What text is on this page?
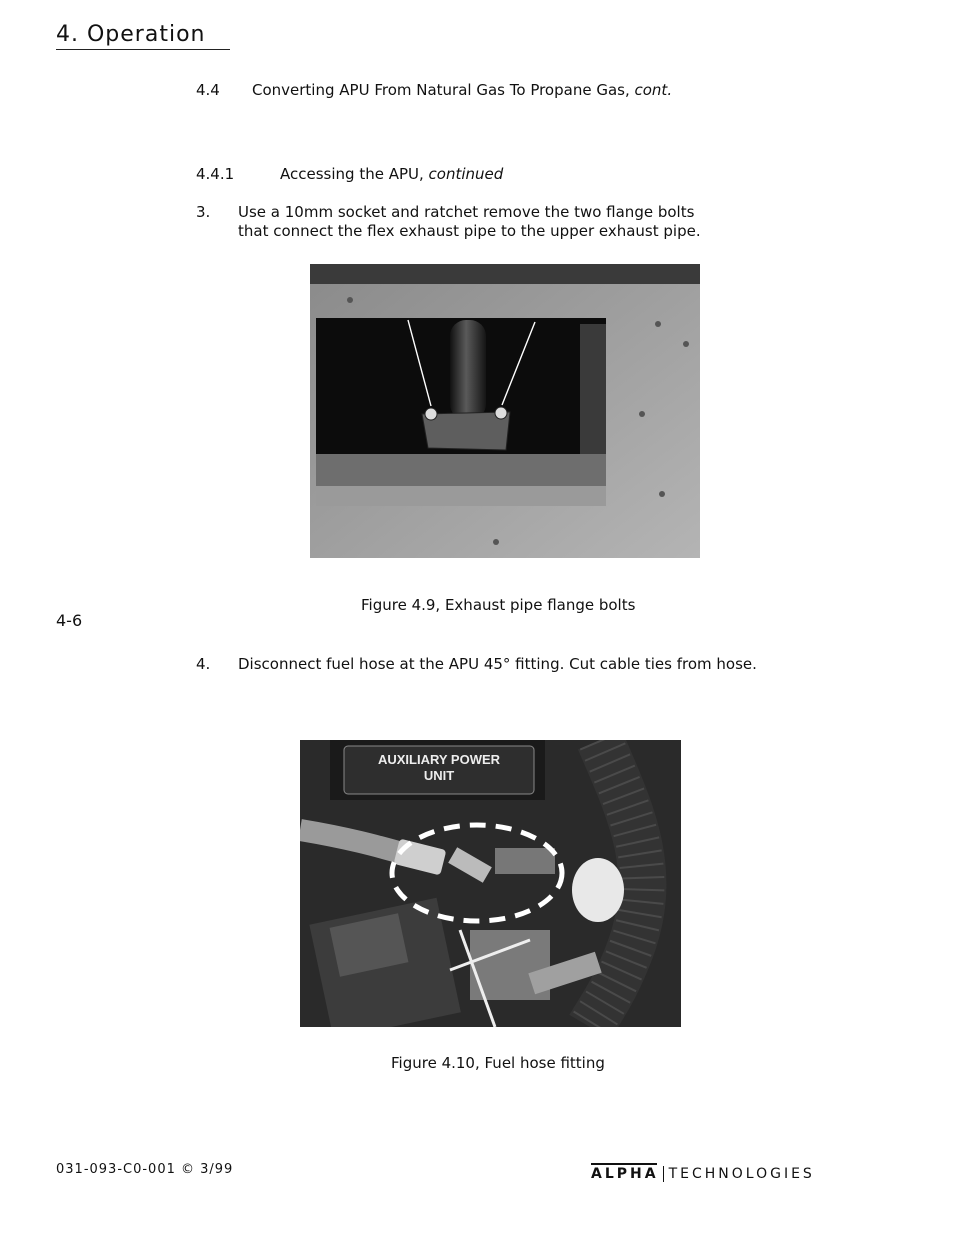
4. Operation
4.4 Converting APU From Natural Gas To Propane Gas, cont.
4.4.1	Accessing the APU, continued
3. Use a 10mm socket and ratchet remove the two flange bolts
that connect the flex exhaust pipe to the upper exhaust pipe.
Figure 4.9, Exhaust pipe flange bolts
4-6
4. Disconnect fuel hose at the APU 45° fitting. Cut cable ties from hose.
AUXILIARY POWER
UNIT
Figure 4.10, Fuel hose fitting
031-093-C0-001 © 3/99	ALPHA TECHNOLOGIES
